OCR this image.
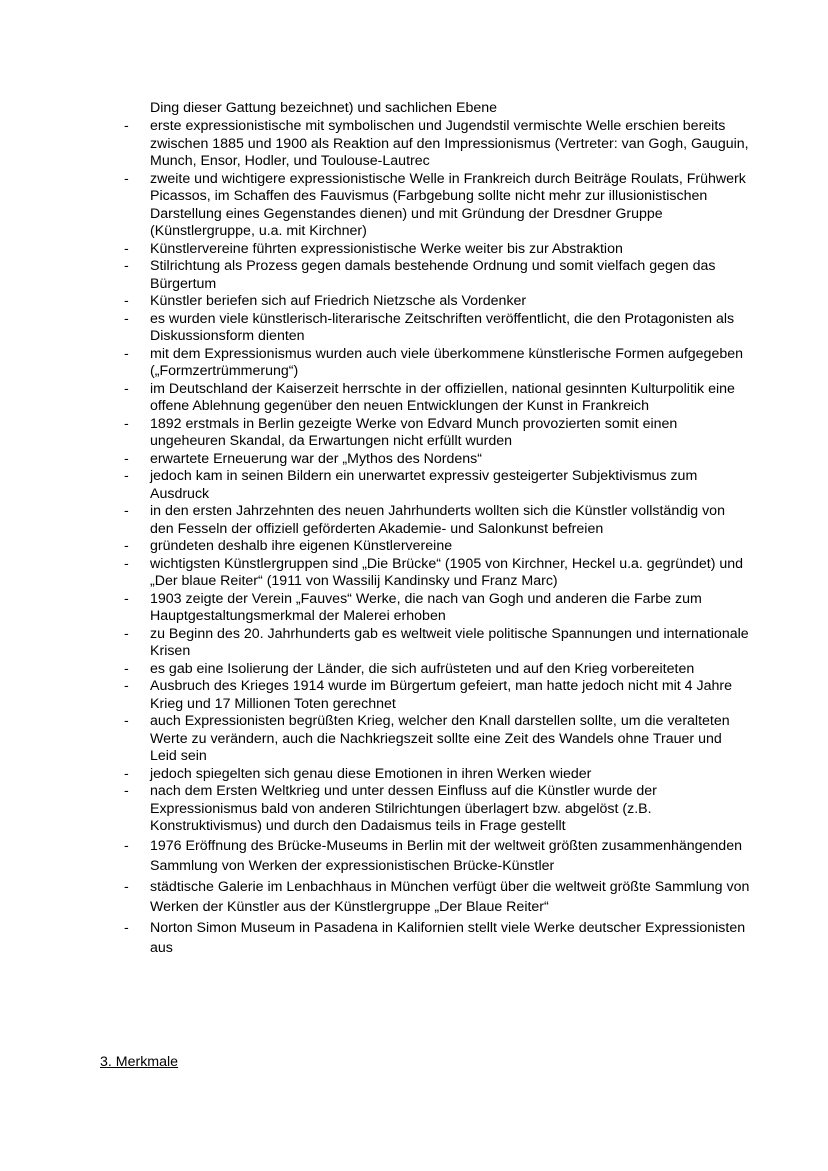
Ding dieser Gattung bezeichnet) und sachlichen Ebene

- erste expressionistische mit symbolischen und Jugendstil vermischte Welle erschien bereits zwischen 1885 und 1900 als Reaktion auf den Impressionismus (Vertreter: van Gogh, Gauguin, Munch, Ensor, Hodler, und Toulouse-Lautrec
- zweite und wichtigere expressionistische Welle in Frankreich durch Beiträge Roulats, Frühwerk Picassos, im Schaffen des Fauvismus (Farbgebung sollte nicht mehr zur illusionistischen Darstellung eines Gegenstandes dienen) und mit Gründung der Dresdner Gruppe (Künstlergruppe, u.a. mit Kirchner)
- Künstlervereine führten expressionistische Werke weiter bis zur Abstraktion
- Stilrichtung als Prozess gegen damals bestehende Ordnung und somit vielfach gegen das Bürgertum
- Künstler beriefen sich auf Friedrich Nietzsche als Vordenker
- es wurden viele künstlerisch-literarische Zeitschriften veröffentlicht, die den Protagonisten als Diskussionsform dienten
- mit dem Expressionismus wurden auch viele überkommene künstlerische Formen aufgegeben („Formzertrümmerung“)
- im Deutschland der Kaiserzeit herrschte in der offiziellen, national gesinnten Kulturpolitik eine offene Ablehnung gegenüber den neuen Entwicklungen der Kunst in Frankreich
- 1892 erstmals in Berlin gezeigte Werke von Edvard Munch provozierten somit einen ungeheuren Skandal, da Erwartungen nicht erfüllt wurden
- erwartete Erneuerung war der „Mythos des Nordens“
- jedoch kam in seinen Bildern ein unerwartet expressiv gesteigerter Subjektivismus zum Ausdruck
- in den ersten Jahrzehnten des neuen Jahrhunderts wollten sich die Künstler vollständig von den Fesseln der offiziell geförderten Akademie- und Salonkunst befreien
- gründeten deshalb ihre eigenen Künstlervereine
- wichtigsten Künstlergruppen sind „Die Brücke“ (1905 von Kirchner, Heckel u.a. gegründet) und „Der blaue Reiter“ (1911 von Wassilij Kandinsky und Franz Marc)
- 1903 zeigte der Verein „Fauves“ Werke, die nach van Gogh und anderen die Farbe zum Hauptgestaltungsmerkmal der Malerei erhoben
- zu Beginn des 20. Jahrhunderts gab es weltweit viele politische Spannungen und internationale Krisen
- es gab eine Isolierung der Länder, die sich aufrüsteten und auf den Krieg vorbereiteten
- Ausbruch des Krieges 1914 wurde im Bürgertum gefeiert, man hatte jedoch nicht mit 4 Jahre Krieg und 17 Millionen Toten gerechnet
- auch Expressionisten begrüßten Krieg, welcher den Knall darstellen sollte, um die veralteten Werte zu verändern, auch die Nachkriegszeit sollte eine Zeit des Wandels ohne Trauer und Leid sein
- jedoch spiegelten sich genau diese Emotionen in ihren Werken wieder
- nach dem Ersten Weltkrieg und unter dessen Einfluss auf die Künstler wurde der Expressionismus bald von anderen Stilrichtungen überlagert bzw. abgelöst (z.B. Konstruktivismus) und durch den Dadaismus teils in Frage gestellt
- 1976 Eröffnung des Brücke-Museums in Berlin mit der weltweit größten zusammenhängenden Sammlung von Werken der expressionistischen Brücke-Künstler
- städtische Galerie im Lenbachhaus in München verfügt über die weltweit größte Sammlung von Werken der Künstler aus der Künstlergruppe „Der Blaue Reiter“
- Norton Simon Museum in Pasadena in Kalifornien stellt viele Werke deutscher Expressionisten aus
3. Merkmale
